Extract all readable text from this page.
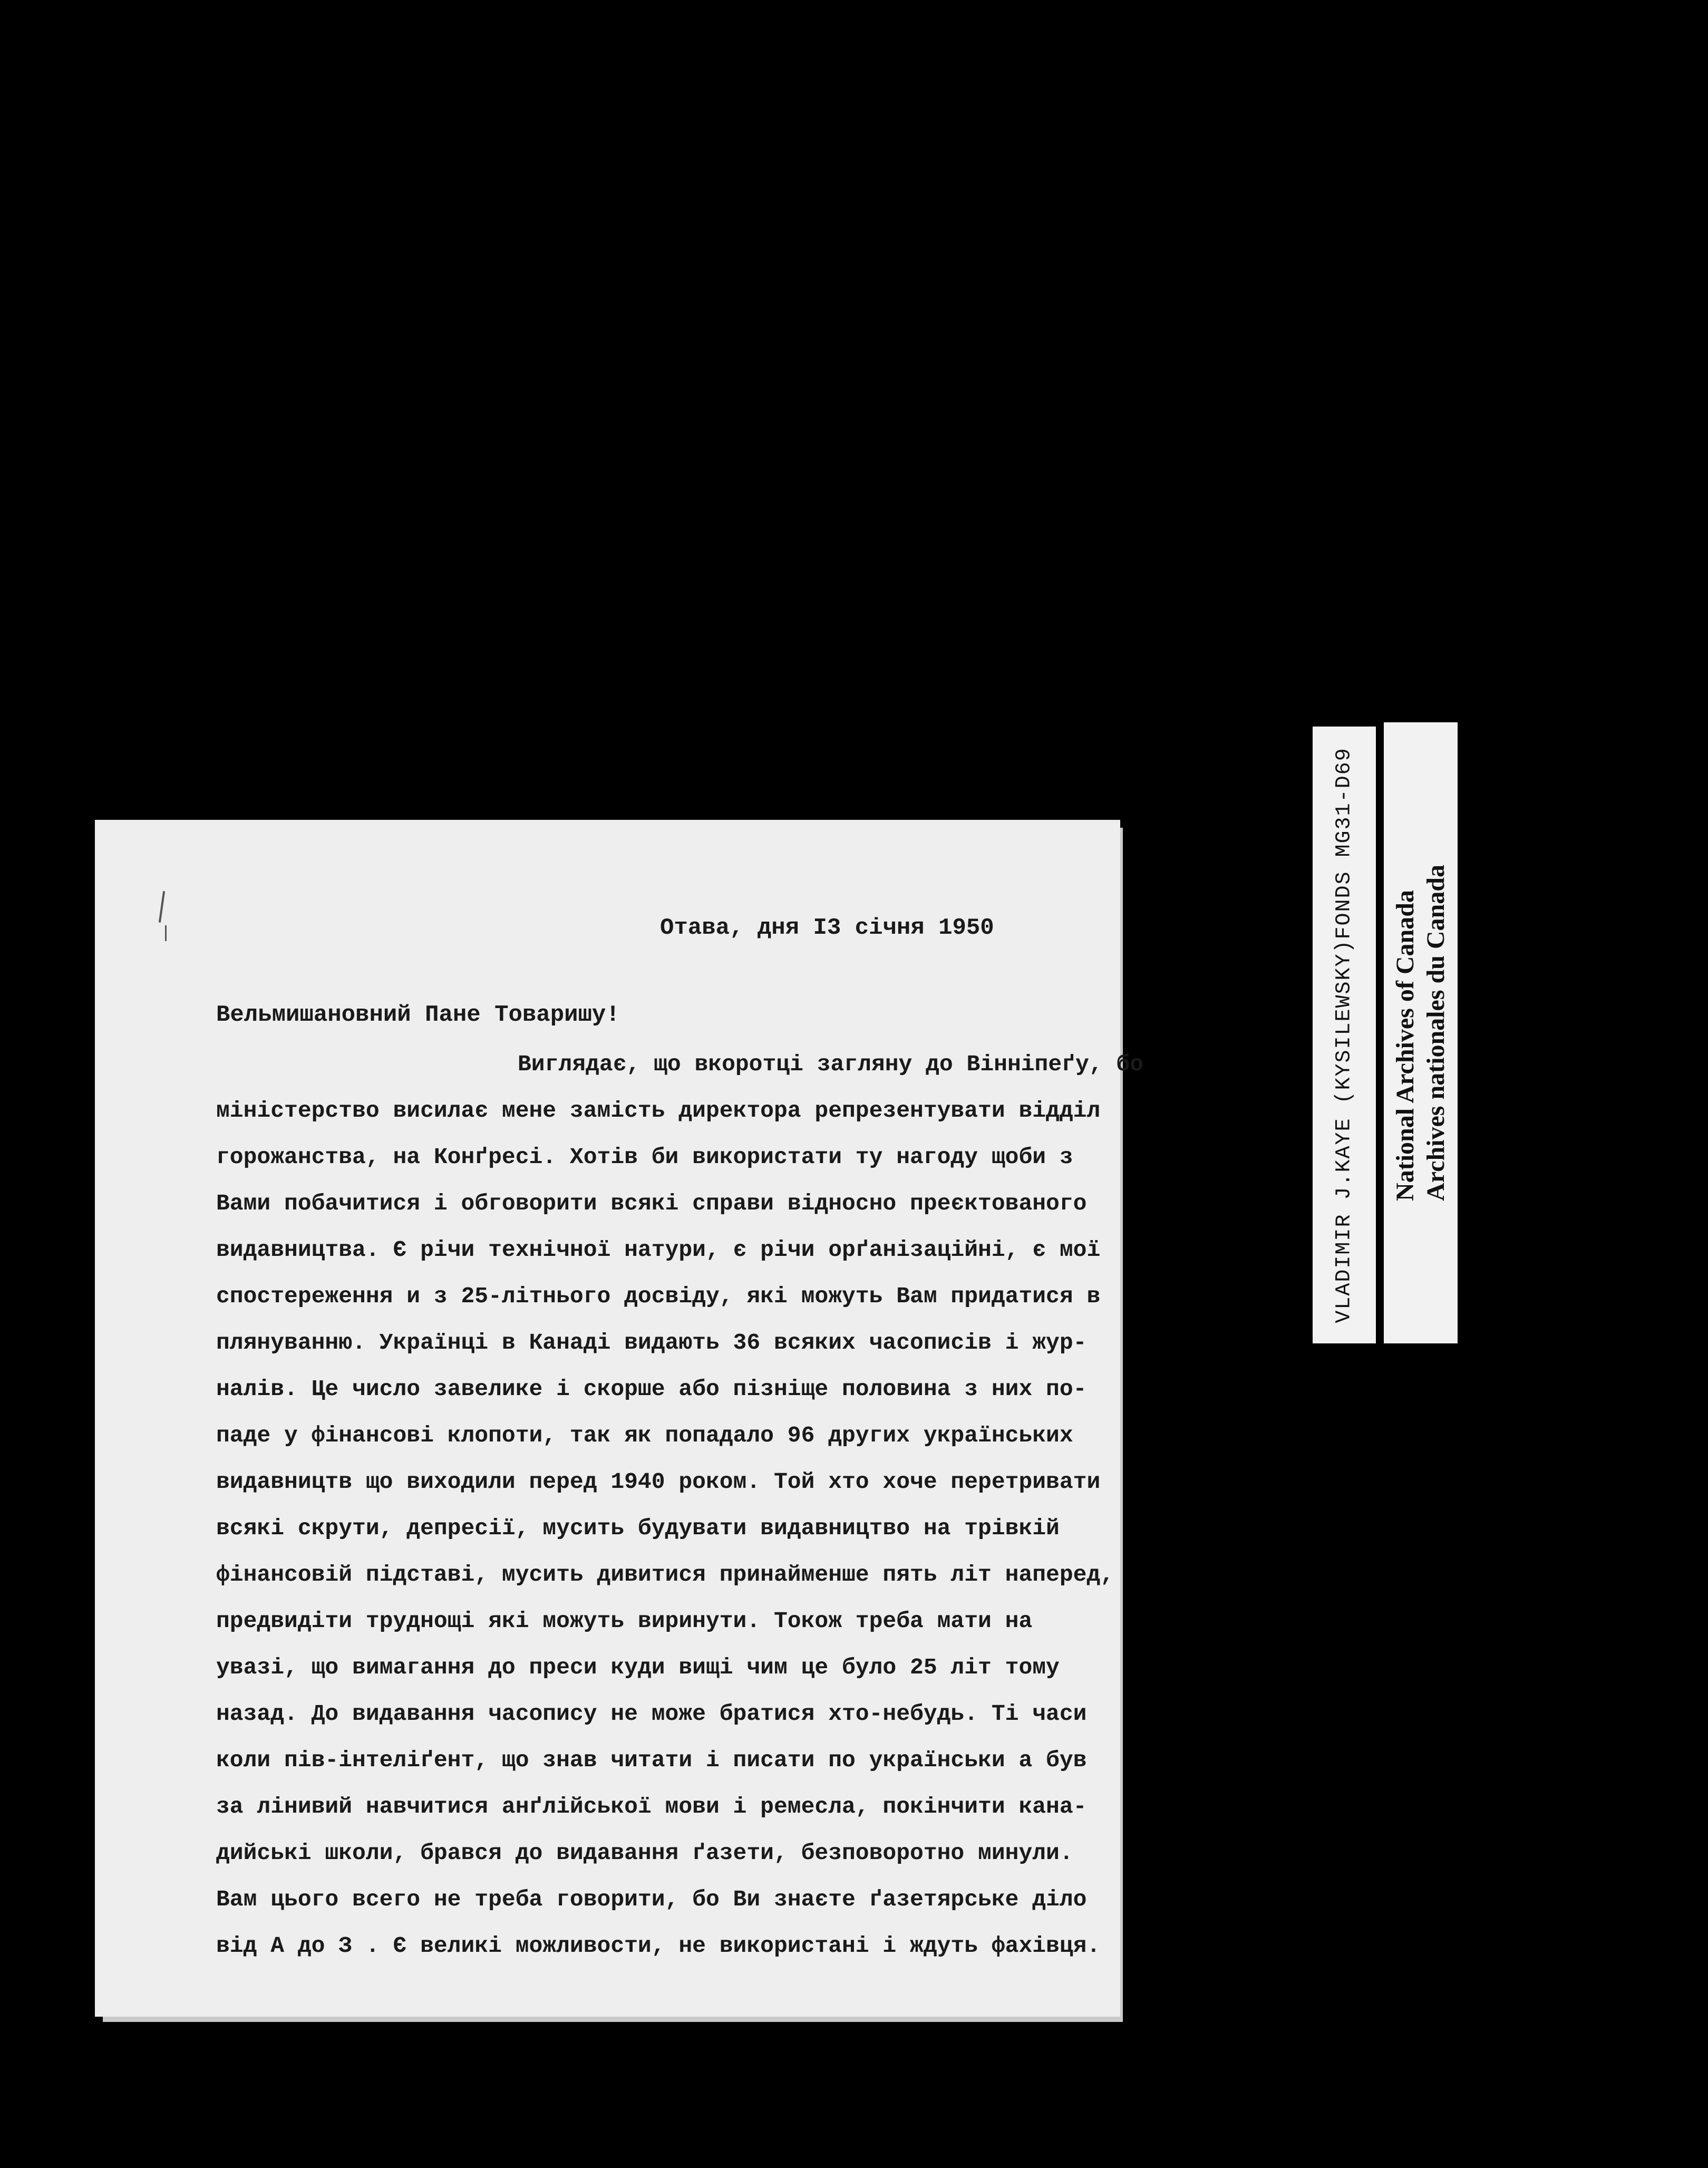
Отава, дня I3 січня 1950
Вельмишановний Пане Товаришу!
Виглядає, що вкоротці загляну до Вінніпеґу, бо
міністерство висилає мене замість директора репрезентувати відділ
горожанства, на Конґресі. Хотів би використати ту нагоду щоби з
Вами побачитися і обговорити всякі справи відносно преєктованого
видавництва. Є річи технічної натури, є річи орґанізаційні, є мої
спостереження и з 25-літнього досвіду, які можуть Вам придатися в
плянуванню. Українці в Канаді видають 36 всяких часописів і жур-
налів. Це число завелике і скорше або пізніще половина з них по-
паде у фінансові клопоти, так як попадало 96 других українських
видавництв що виходили перед 1940 роком. Той хто хоче перетривати
всякі скрути, депресії, мусить будувати видавництво на трівкій
фінансовій підставі, мусить дивитися принайменше пять літ наперед,
предвидіти труднощі які можуть виринути. Токож треба мати на
увазі, що вимагання до преси куди вищі чим це було 25 літ тому
назад. До видавання часопису не може братися хто-небудь. Ті часи
коли пів-інтеліґент, що знав читати і писати по українськи а був
за лінивий навчитися анґлійської мови і ремесла, покінчити кана-
дийські школи, брався до видавання ґазети, безповоротно минули.
Вам цього всего не треба говорити, бо Ви знаєте ґазетярське діло
від А до З . Є великі можливости, не використані і ждуть фахівця.
VLADIMIR J.KAYE (KYSILEWSKY)FONDS MG31-D69 National Archives of Canada Archives nationales du Canada
